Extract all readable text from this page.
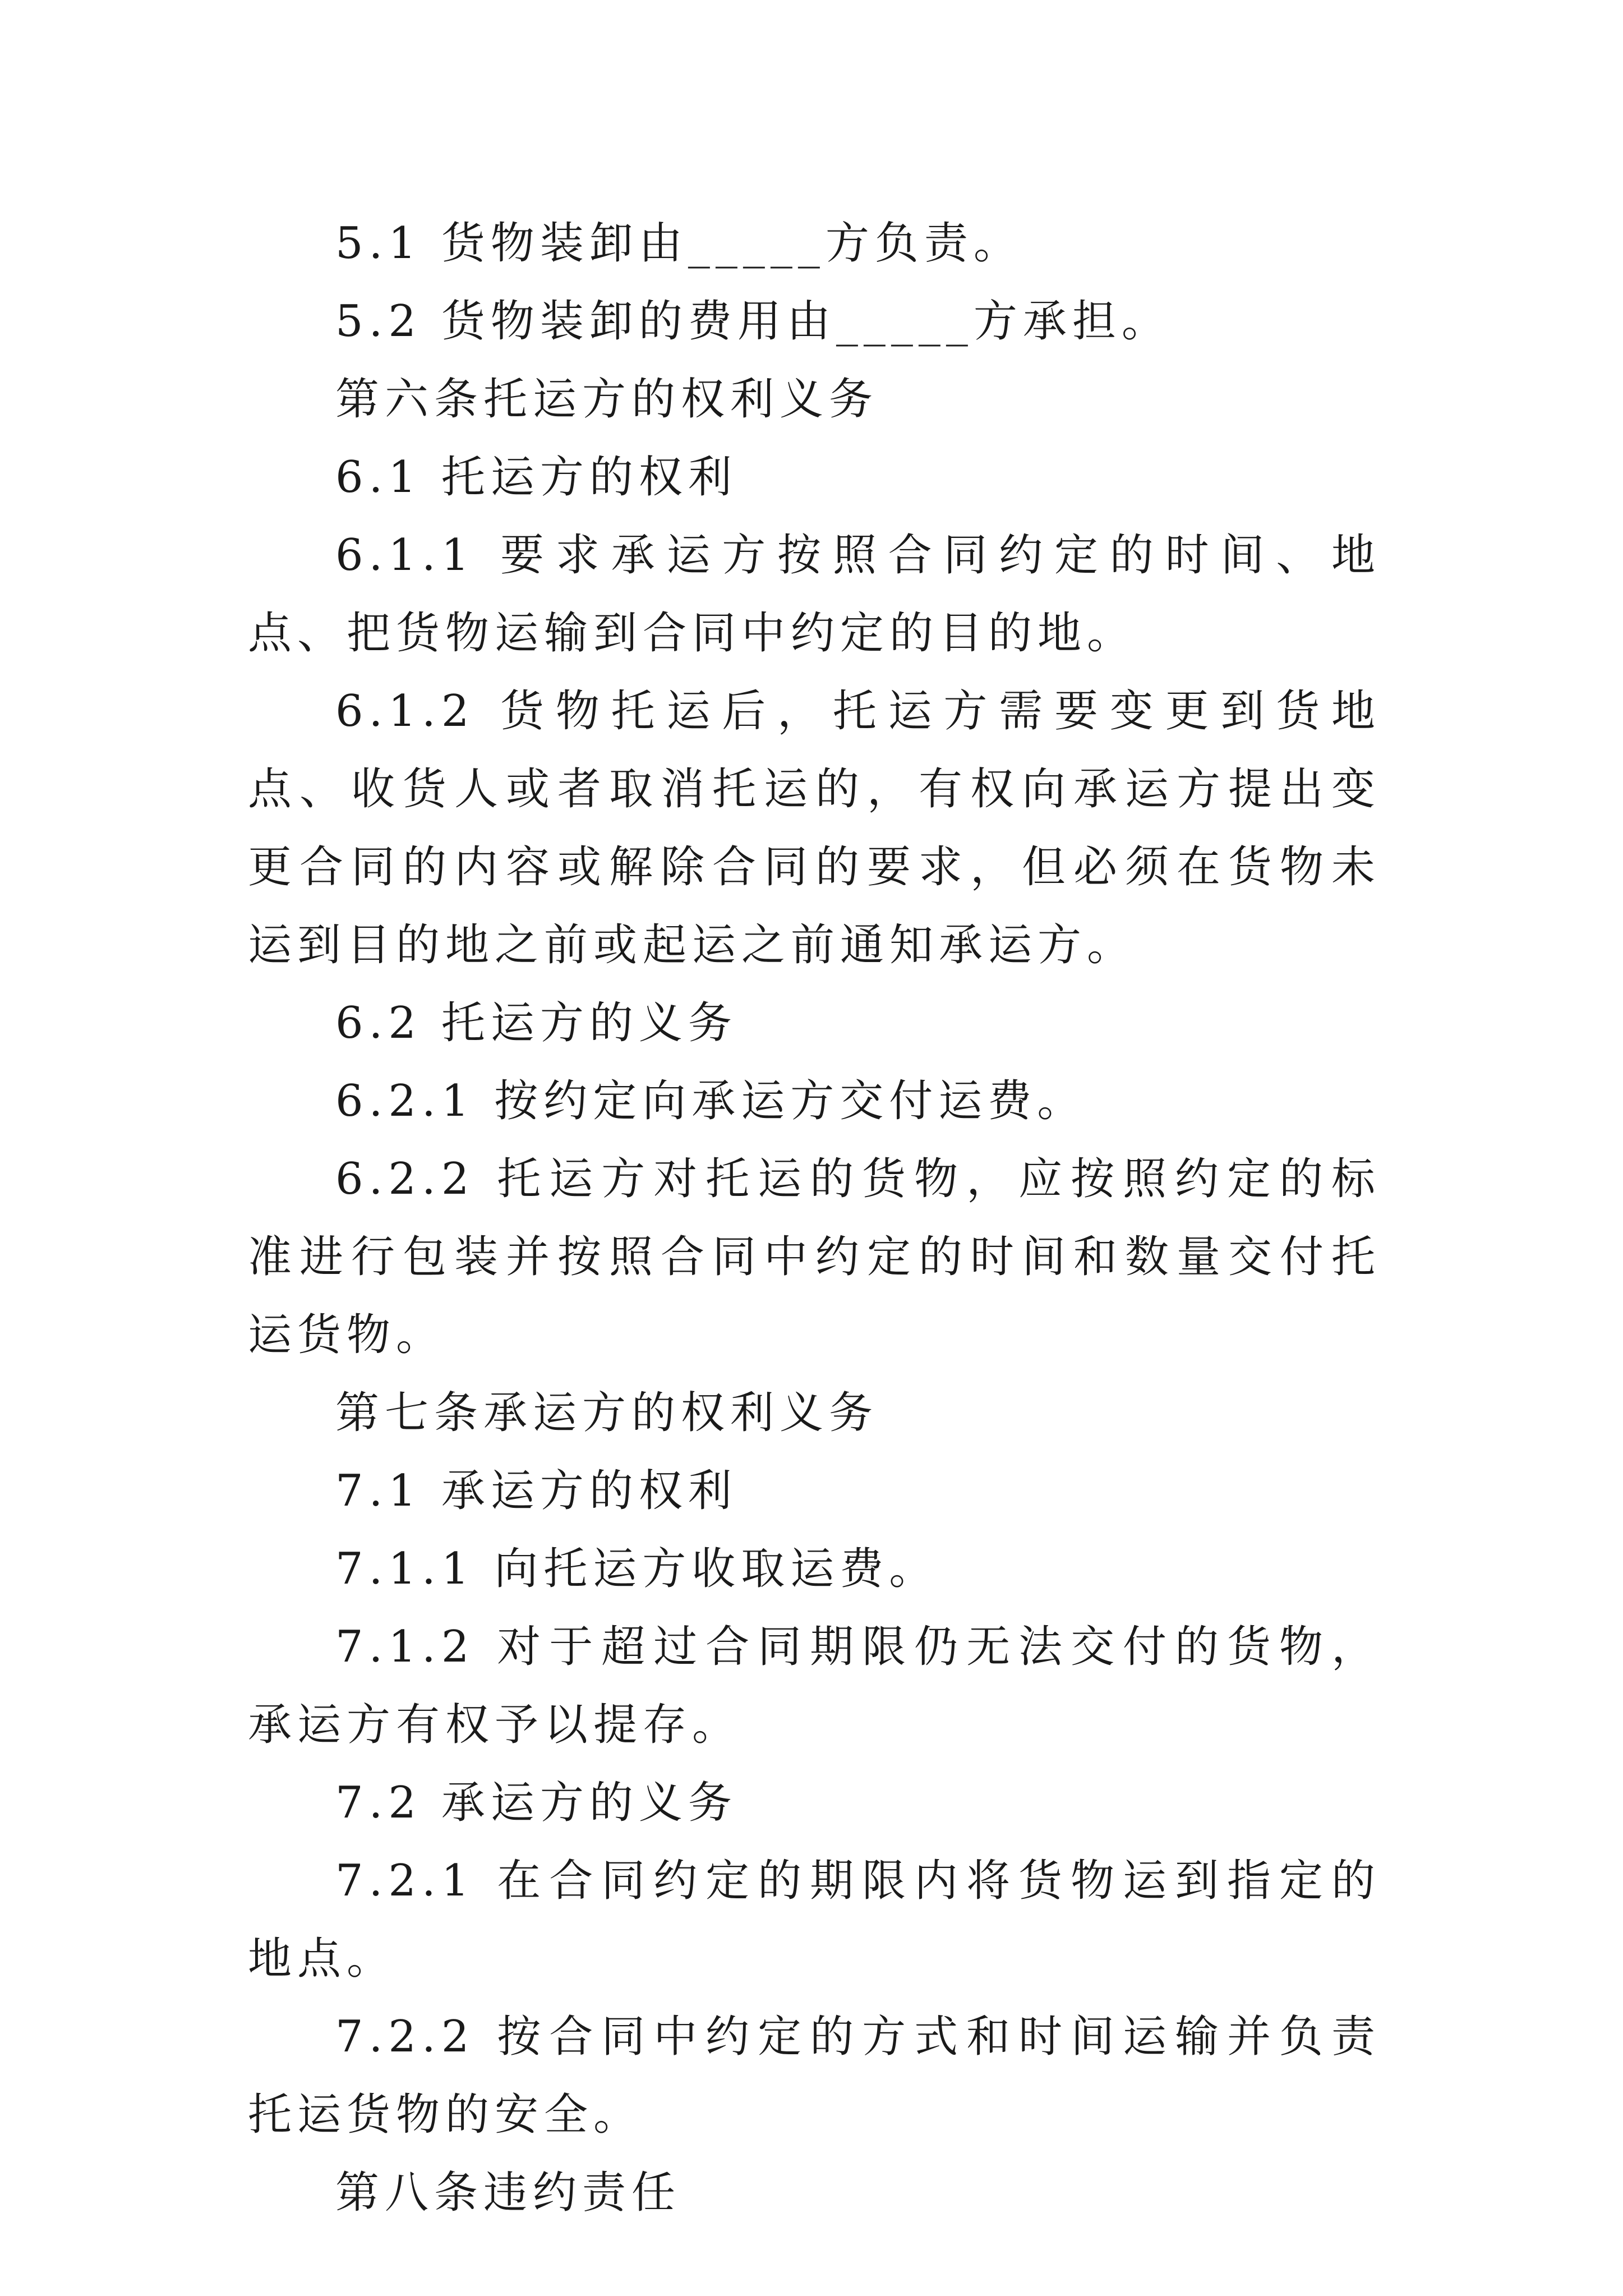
5.1 货物装卸由_____方负责。

5.2 货物装卸的费用由_____方承担。

第六条托运方的权利义务

6.1 托运方的权利

6.1.1 要求承运方按照合同约定的时间、地点、把货物运输到合同中约定的目的地。

6.1.2 货物托运后，托运方需要变更到货地点、收货人或者取消托运的，有权向承运方提出变更合同的内容或解除合同的要求，但必须在货物未运到目的地之前或起运之前通知承运方。

6.2 托运方的义务

6.2.1 按约定向承运方交付运费。

6.2.2 托运方对托运的货物，应按照约定的标准进行包装并按照合同中约定的时间和数量交付托运货物。

第七条承运方的权利义务

7.1 承运方的权利

7.1.1 向托运方收取运费。

7.1.2 对于超过合同期限仍无法交付的货物，承运方有权予以提存。

7.2 承运方的义务

7.2.1 在合同约定的期限内将货物运到指定的地点。

7.2.2 按合同中约定的方式和时间运输并负责托运货物的安全。

第八条违约责任
